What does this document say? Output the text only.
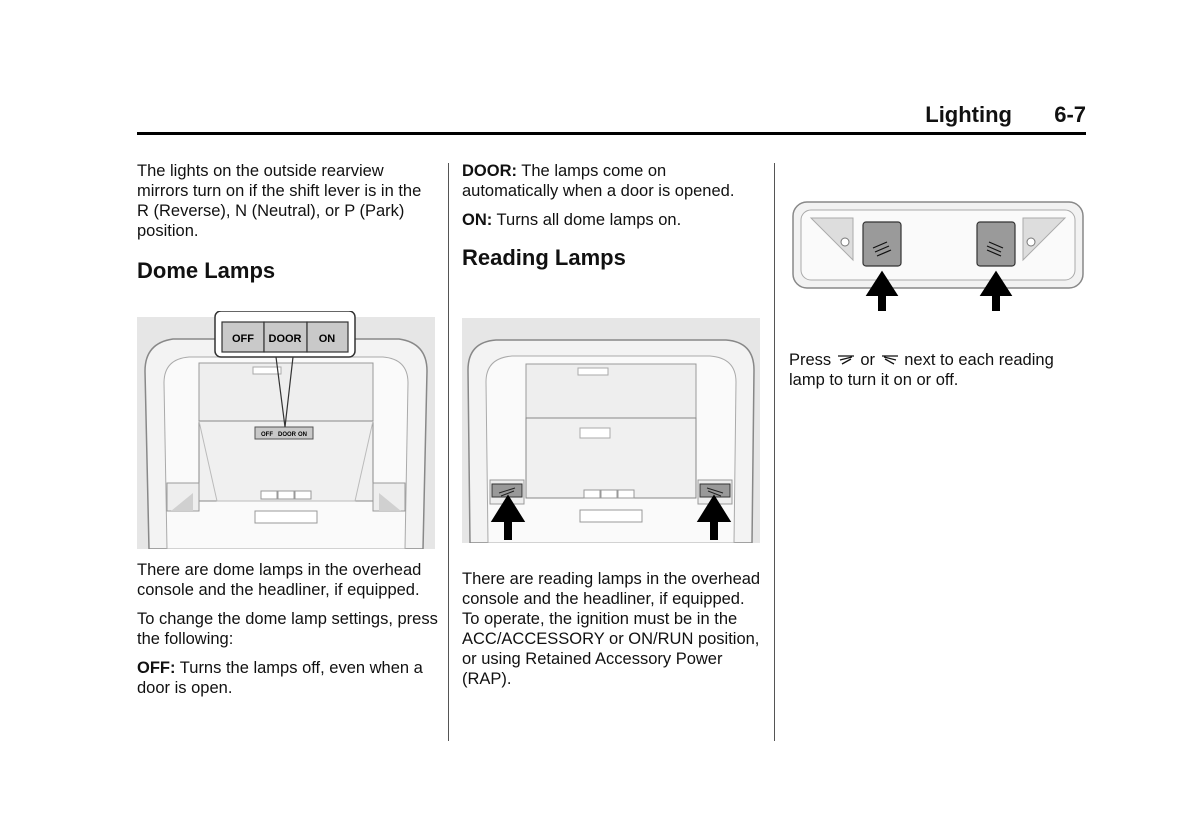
Lighting 6-7

The lights on the outside rearview mirrors turn on if the shift lever is in the R (Reverse), N (Neutral), or P (Park) position.

Dome Lamps
OFF DOOR ON
OFF DOOR ON

There are dome lamps in the overhead console and the headliner, if equipped.

To change the dome lamp settings, press the following:

OFF: Turns the lamps off, even when a door is open.

DOOR: The lamps come on automatically when a door is opened.

ON: Turns all dome lamps on.

Reading Lamps

There are reading lamps in the overhead console and the headliner, if equipped. To operate, the ignition must be in the ACC/ACCESSORY or ON/RUN position, or using Retained Accessory Power (RAP).

Press or next to each reading lamp to turn it on or off.
